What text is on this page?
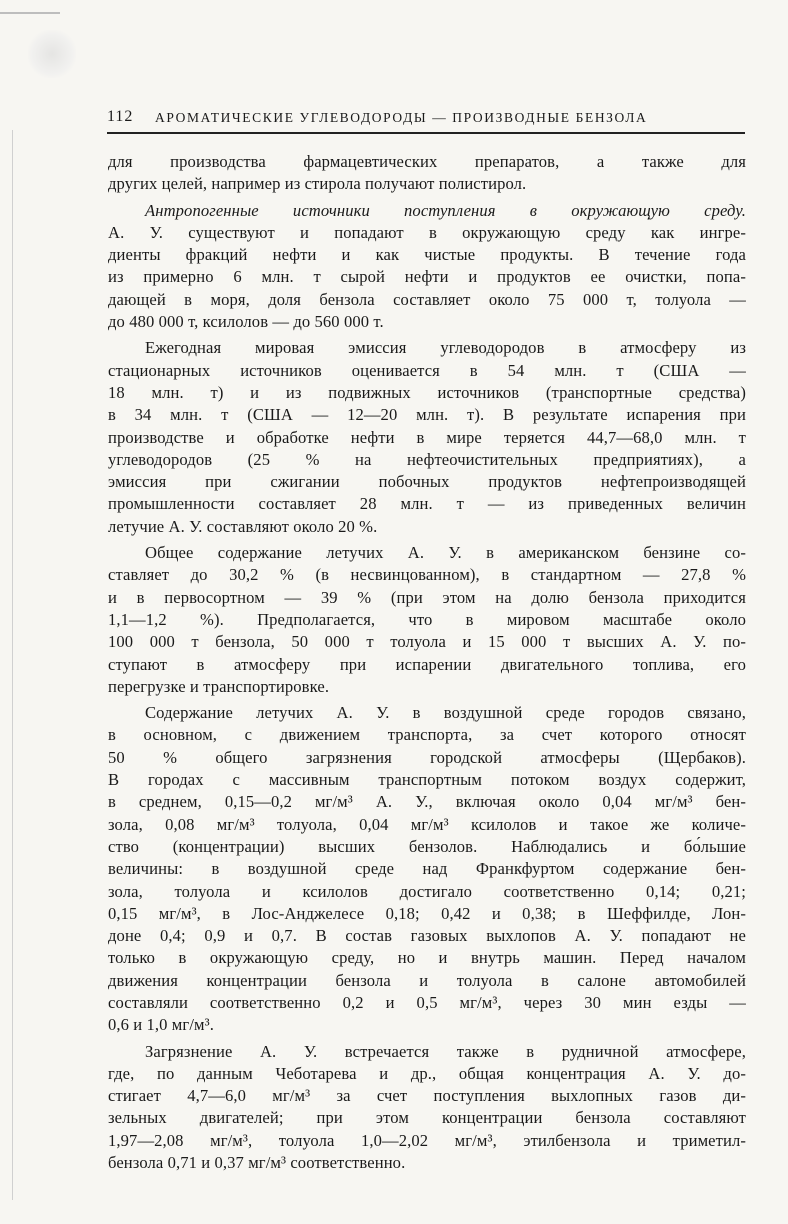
112 АРОМАТИЧЕСКИЕ УГЛЕВОДОРОДЫ — ПРОИЗВОДНЫЕ БЕНЗОЛА
для производства фармацевтических препаратов, а также для
других целей, например из стирола получают полистирол.
Антропогенные источники поступления в окружающую среду.
А. У. существуют и попадают в окружающую среду как ингре-
диенты фракций нефти и как чистые продукты. В течение года
из примерно 6 млн. т сырой нефти и продуктов ее очистки, попа-
дающей в моря, доля бензола составляет около 75 000 т, толуола —
до 480 000 т, ксилолов — до 560 000 т.
Ежегодная мировая эмиссия углеводородов в атмосферу из
стационарных источников оценивается в 54 млн. т (США —
18 млн. т) и из подвижных источников (транспортные средства)
в 34 млн. т (США — 12—20 млн. т). В результате испарения при
производстве и обработке нефти в мире теряется 44,7—68,0 млн. т
углеводородов (25 % на нефтеочистительных предприятиях), а
эмиссия при сжигании побочных продуктов нефтепроизводящей
промышленности составляет 28 млн. т — из приведенных величин
летучие А. У. составляют около 20 %.
Общее содержание летучих А. У. в американском бензине со-
ставляет до 30,2 % (в несвинцованном), в стандартном — 27,8 %
и в первосортном — 39 % (при этом на долю бензола приходится
1,1—1,2 %). Предполагается, что в мировом масштабе около
100 000 т бензола, 50 000 т толуола и 15 000 т высших А. У. по-
ступают в атмосферу при испарении двигательного топлива, его
перегрузке и транспортировке.
Содержание летучих А. У. в воздушной среде городов связано,
в основном, с движением транспорта, за счет которого относят
50 % общего загрязнения городской атмосферы (Щербаков).
В городах с массивным транспортным потоком воздух содержит,
в среднем, 0,15—0,2 мг/м³ А. У., включая около 0,04 мг/м³ бен-
зола, 0,08 мг/м³ толуола, 0,04 мг/м³ ксилолов и такое же количе-
ство (концентрации) высших бензолов. Наблюдались и бо́льшие
величины: в воздушной среде над Франкфуртом содержание бен-
зола, толуола и ксилолов достигало соответственно 0,14; 0,21;
0,15 мг/м³, в Лос-Анджелесе 0,18; 0,42 и 0,38; в Шеффилде, Лон-
доне 0,4; 0,9 и 0,7. В состав газовых выхлопов А. У. попадают не
только в окружающую среду, но и внутрь машин. Перед началом
движения концентрации бензола и толуола в салоне автомобилей
составляли соответственно 0,2 и 0,5 мг/м³, через 30 мин езды —
0,6 и 1,0 мг/м³.
Загрязнение А. У. встречается также в рудничной атмосфере,
где, по данным Чеботарева и др., общая концентрация А. У. до-
стигает 4,7—6,0 мг/м³ за счет поступления выхлопных газов ди-
зельных двигателей; при этом концентрации бензола составляют
1,97—2,08 мг/м³, толуола 1,0—2,02 мг/м³, этилбензола и триметил-
бензола 0,71 и 0,37 мг/м³ соответственно.
